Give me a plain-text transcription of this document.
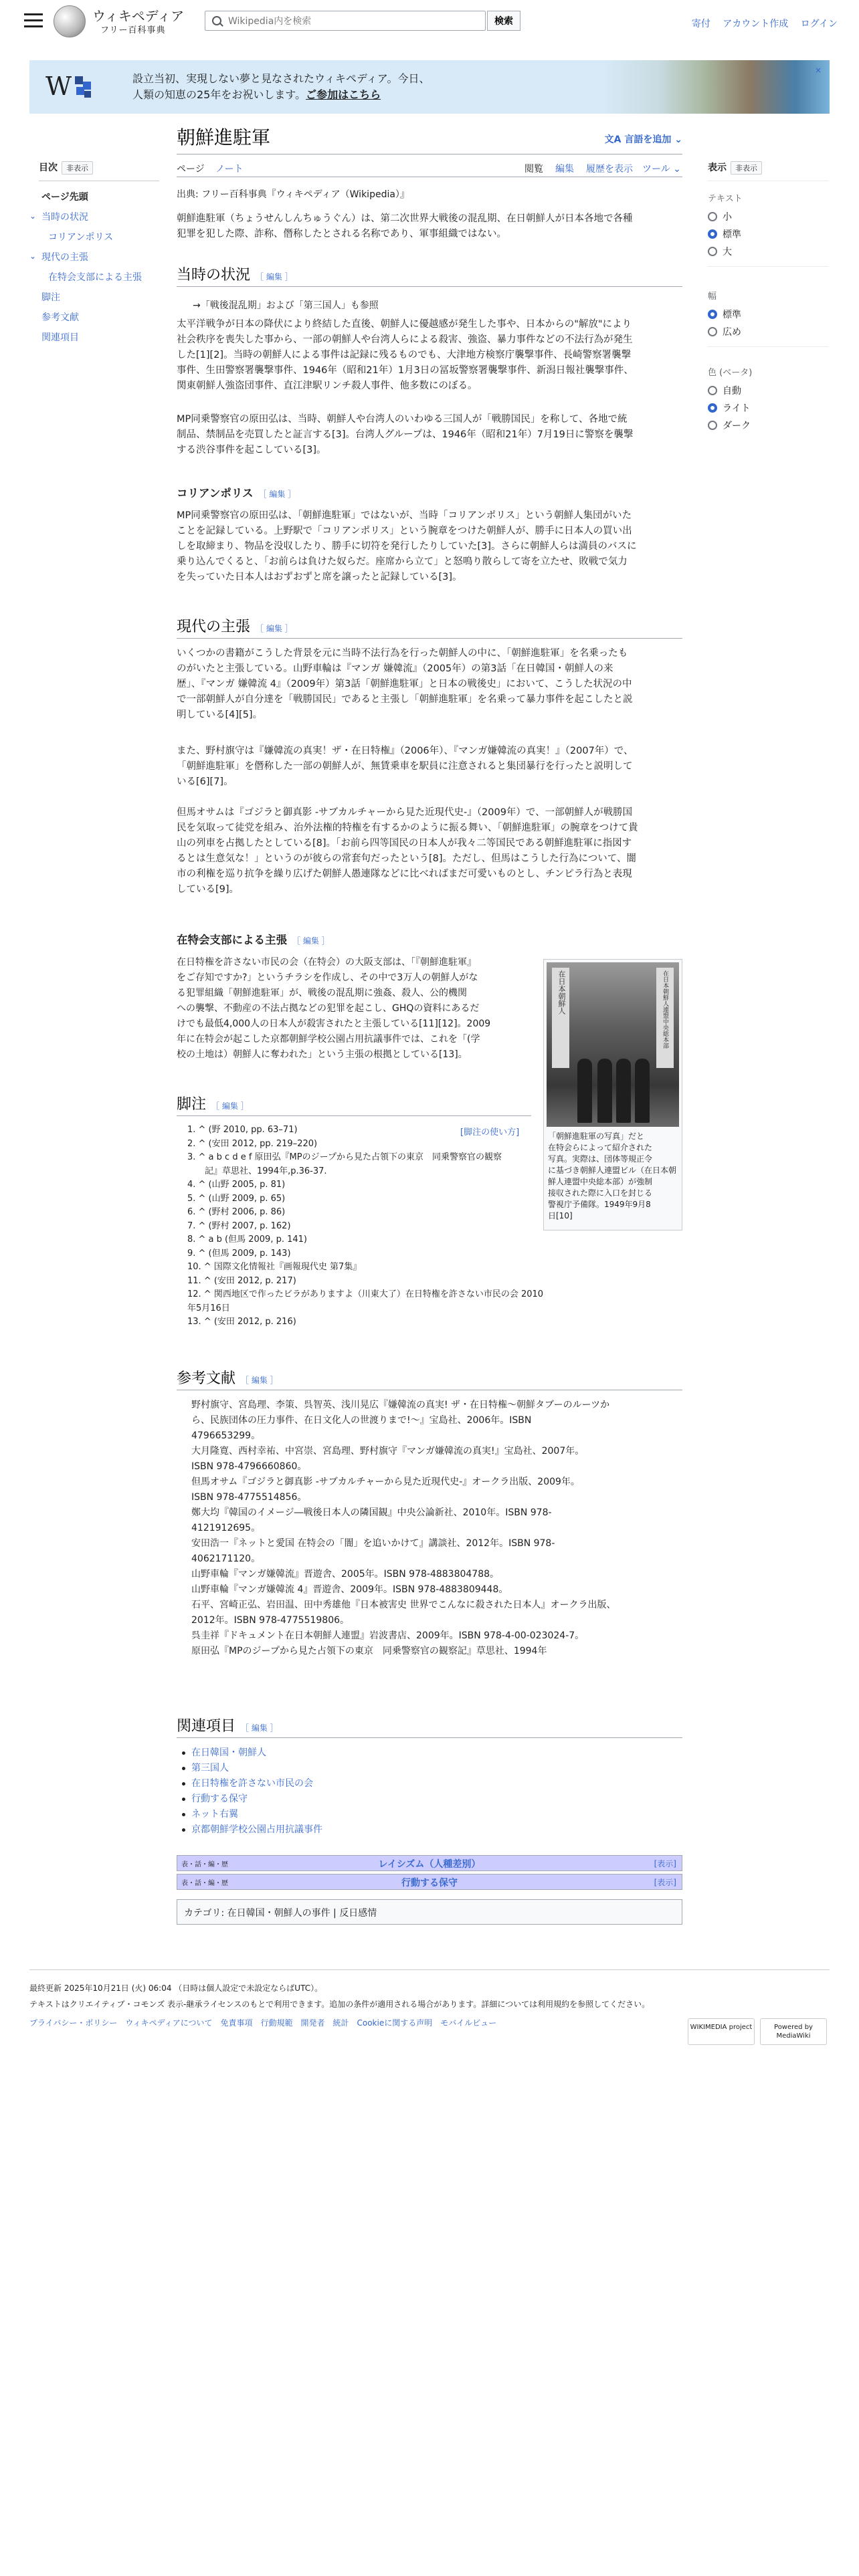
ウィキペディア
フリー百科事典
Wikipedia内を検索
検索	寄付 アカウント作成 ログイン
W	設立当初、実現しない夢と見なされたウィキペディア。今日、
人類の知恵の25年をお祝いします。ご参加はこちら
×
目次 非表示
ページ先頭
⌄ 当時の状況
コリアンポリス
⌄ 現代の主張
在特会支部による主張
脚注
参考文献
関連項目
表示 非表示
テキスト
小
標準
大
幅
標準
広め
色 (ベータ)
自動
ライト
ダーク
朝鮮進駐軍	文A 言語を追加 ⌄
ページ ノート	閲覧 編集 履歴を表示 ツール ⌄
出典: フリー百科事典『ウィキペディア（Wikipedia）』
朝鮮進駐軍（ちょうせんしんちゅうぐん）は、第二次世界大戦後の混乱期、在日朝鮮人が日本各地で各種
犯罪を犯した際、詐称、僭称したとされる名称であり、軍事組織ではない。
当時の状況 ［ 編集 ］
→「戦後混乱期」および「第三国人」も参照
太平洋戦争が日本の降伏により終結した直後、朝鮮人に優越感が発生した事や、日本からの"解放"により
社会秩序を喪失した事から、一部の朝鮮人や台湾人らによる殺害、強盗、暴力事件などの不法行為が発生
した[1][2]。当時の朝鮮人による事件は記録に残るものでも、大津地方検察庁襲撃事件、長崎警察署襲撃
事件、生田警察署襲撃事件、1946年（昭和21年）1月3日の冨坂警察署襲撃事件、新潟日報社襲撃事件、
関東朝鮮人強盗団事件、直江津駅リンチ殺人事件、他多数にのぼる。
MP同乗警察官の原田弘は、当時、朝鮮人や台湾人のいわゆる三国人が「戦勝国民」を称して、各地で統
制品、禁制品を売買したと証言する[3]。台湾人グループは、1946年（昭和21年）7月19日に警察を襲撃
する渋谷事件を起こしている[3]。
コリアンポリス ［ 編集 ］
MP同乗警察官の原田弘は、「朝鮮進駐軍」ではないが、当時「コリアンポリス」という朝鮮人集団がいた
ことを記録している。上野駅で「コリアンポリス」という腕章をつけた朝鮮人が、勝手に日本人の買い出
しを取締まり、物品を没収したり、勝手に切符を発行したりしていた[3]。さらに朝鮮人らは満員のバスに
乗り込んでくると、「お前らは負けた奴らだ。座席から立て」と怒鳴り散らして寄を立たせ、敗戦で気力
を失っていた日本人はおずおずと席を譲ったと記録している[3]。
現代の主張 ［ 編集 ］
いくつかの書籍がこうした背景を元に当時不法行為を行った朝鮮人の中に、「朝鮮進駐軍」を名乗ったも
のがいたと主張している。山野車輪は『マンガ 嫌韓流』（2005年）の第3話「在日韓国・朝鮮人の来
歴」、『マンガ 嫌韓流 4』（2009年）第3話「朝鮮進駐軍」と日本の戦後史」において、こうした状況の中
で一部朝鮮人が自分達を「戦勝国民」であると主張し「朝鮮進駐軍」を名乗って暴力事件を起こしたと説
明している[4][5]。
また、野村旗守は『嫌韓流の真実！ザ・在日特権』（2006年）、『マンガ嫌韓流の真実！』（2007年）で、
「朝鮮進駐軍」を僭称した一部の朝鮮人が、無賃乗車を駅員に注意されると集団暴行を行ったと説明して
いる[6][7]。
但馬オサムは『ゴジラと御真影 -サブカルチャーから見た近現代史-』（2009年）で、一部朝鮮人が戦勝国
民を気取って徒党を組み、治外法権的特権を有するかのように振る舞い、「朝鮮進駐軍」の腕章をつけて貴
山の列車を占拠したとしている[8]。「お前ら四等国民の日本人が我々二等国民である朝鮮進駐軍に指図す
るとは生意気な！」というのが彼らの常套句だったという[8]。ただし、但馬はこうした行為について、闇
市の利権を巡り抗争を繰り広げた朝鮮人愚連隊などに比べればまだ可愛いものとし、チンピラ行為と表現
している[9]。
在特会支部による主張 ［ 編集 ］
在日特権を許さない市民の会（在特会）の大阪支部は、「『朝鮮進駐軍』
をご存知ですか?」というチラシを作成し、その中で3万人の朝鮮人がな
る犯罪組織「朝鮮進駐軍」が、戦後の混乱期に強姦、殺人、公的機関
への襲撃、不動産の不法占拠などの犯罪を起こし、GHQの資料にあるだ
けでも最低4,000人の日本人が殺害されたと主張している[11][12]。2009
年に在特会が起こした京都朝鮮学校公園占用抗議事件では、これを「(学
校の土地は）朝鮮人に奪われた」という主張の根拠としている[13]。
脚注 ［ 編集 ］
[脚注の使い方]
1. ^ (野 2010, pp. 63–71)
2. ^ (安田 2012, pp. 219–220)
3. ^ a b c d e f 原田弘『MPのジープから見た占領下の東京　同乗警察官の観察
　　記』草思社、1994年,p.36-37.
4. ^ (山野 2005, p. 81)
5. ^ (山野 2009, p. 65)
6. ^ (野村 2006, p. 86)
7. ^ (野村 2007, p. 162)
8. ^ a b (但馬 2009, p. 141)
9. ^ (但馬 2009, p. 143)
10. ^ 国際文化情報社『画報現代史 第7集』
11. ^ (安田 2012, p. 217)
12. ^ 関西地区で作ったビラがありますよ（川東大了）在日特権を許さない市民の会 2010年5月16日
13. ^ (安田 2012, p. 216)
参考文献 ［ 編集 ］
野村旗守、宮島理、李策、呉智英、浅川晃広『嫌韓流の真実! ザ・在日特権〜朝鮮タブーのルーツか
ら、民族団体の圧力事件、在日文化人の世渡りまで!〜』宝島社、2006年。ISBN
4796653299。
大月隆寛、西村幸祐、中宮崇、宮島理、野村旗守『マンガ嫌韓流の真実!』宝島社、2007年。
ISBN 978-4796660860。
但馬オサム『ゴジラと御真影 -サブカルチャーから見た近現代史-』オークラ出版、2009年。
ISBN 978-4775514856。
鄭大均『韓国のイメージ―戦後日本人の隣国観』中央公論新社、2010年。ISBN 978-
4121912695。
安田浩一『ネットと愛国 在特会の「闇」を追いかけて』講談社、2012年。ISBN 978-
4062171120。
山野車輪『マンガ嫌韓流』晋遊舎、2005年。ISBN 978-4883804788。
山野車輪『マンガ嫌韓流 4』晋遊舎、2009年。ISBN 978-4883809448。
石平、宮崎正弘、岩田温、田中秀雄他『日本被害史 世界でこんなに殺された日本人』オークラ出版、
2012年。ISBN 978-4775519806。
呉圭祥『ドキュメント在日本朝鮮人連盟』岩波書店、2009年。ISBN 978-4-00-023024-7。
原田弘『MPのジープから見た占領下の東京　同乗警察官の観察記』草思社、1994年
関連項目 ［ 編集 ］
在日韓国・朝鮮人
第三国人
在日特権を許さない市民の会
行動する保守
ネット右翼
京都朝鮮学校公園占用抗議事件
表・話・編・歴	レイシズム（人種差別）	[表示]
表・話・編・歴	行動する保守	[表示]
カテゴリ: 在日韓国・朝鮮人の事件 | 反日感情
在日本朝鮮人	在日本朝鮮人連盟中央総本部
「朝鮮進駐軍の写真」だと
在特会らによって紹介された
写真。実際は、団体等規正令
に基づき朝鮮人連盟ビル（在日本朝
鮮人連盟中央総本部）が強制
接収された際に入口を封じる
警視庁予備隊。1949年9月8
日[10]
最終更新 2025年10月21日 (火) 06:04 （日時は個人設定で未設定ならばUTC）。
テキストはクリエイティブ・コモンズ 表示-継承ライセンスのもとで利用できます。追加の条件が適用される場合があります。詳細については利用規約を参照してください。
プライバシー・ポリシー　ウィキペディアについて　免責事項　行動規範　開発者　統計　Cookieに関する声明　モバイルビュー	WIKIMEDIA project	Powered by MediaWiki
